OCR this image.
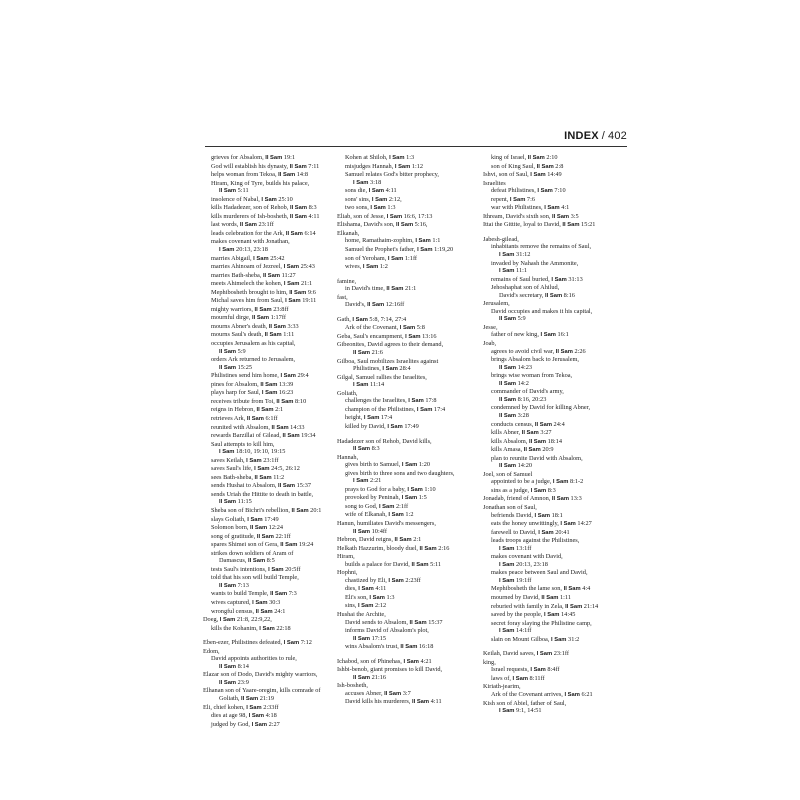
INDEX / 402
grieves for Absalom, II Sam 19:1
God will establish his dynasty, II Sam 7:11
helps woman from Tekoa, II Sam 14:8
Hiram, King of Tyre, builds his palace,
II Sam 5:11
insolence of Nabal, I Sam 25:10
kills Hadadezer, son of Rehob, II Sam 8:3
kills murderers of Ish-bosheth, II Sam 4:11
last words, II Sam 23:1ff
leads celebration for the Ark, II Sam 6:14
makes covenant with Jonathan,
I Sam 20:13, 23:18
marries Abigail, I Sam 25:42
marries Ahinoam of Jezreel, I Sam 25:43
marries Bath-sheba, II Sam 11:27
meets Ahimelech the kohen, I Sam 21:1
Mephibosheth brought to him, II Sam 9:6
Michal saves him from Saul, I Sam 19:11
mighty warriors, II Sam 23:8ff
mournful dirge, II Sam 1:17ff
mourns Abner's death, II Sam 3:33
mourns Saul's death, II Sam 1:11
occupies Jerusalem as his capital,
II Sam 5:9
orders Ark returned to Jerusalem,
II Sam 15:25
Philistines send him home, I Sam 29:4
pines for Absalom, II Sam 13:39
plays harp for Saul, I Sam 16:23
receives tribute from Toi, II Sam 8:10
reigns in Hebron, II Sam 2:1
retrieves Ark, II Sam 6:1ff
reunited with Absalom, II Sam 14:33
rewards Barzillai of Gilead, II Sam 19:34
Saul attempts to kill him,
I Sam 18:10, 19:10, 19:15
saves Keilah, I Sam 23:1ff
saves Saul's life, I Sam 24:5, 26:12
sees Bath-sheba, II Sam 11:2
sends Hushai to Absalom, II Sam 15:37
sends Uriah the Hittite to death in battle,
II Sam 11:15
Sheba son of Bichri's rebellion, II Sam 20:1
slays Goliath, I Sam 17:49
Solomon born, II Sam 12:24
song of gratitude, II Sam 22:1ff
spares Shimei son of Gera, II Sam 19:24
strikes down soldiers of Aram of
Damascus, II Sam 8:5
tests Saul's intentions, I Sam 20:5ff
told that his son will build Temple,
II Sam 7:13
wants to build Temple, II Sam 7:3
wives captured, I Sam 30:3
wrongful census, II Sam 24:1
Doeg, I Sam 21:8, 22:9,22,
kills the Kohanim, I Sam 22:18
Eben-ezer, Philistines defeated, I Sam 7:12
Edom,
David appoints authorities to rule,
II Sam 8:14
Elazar son of Dodo, David's mighty warriors,
II Sam 23:9
Elhanan son of Yaare-oregim, kills comrade of
Goliath, II Sam 21:19
Eli, chief kohen, I Sam 2:33ff
dies at age 98, I Sam 4:18
judged by God, I Sam 2:27
Kohen at Shiloh, I Sam 1:3
misjudges Hannah, I Sam 1:12
Samuel relates God's bitter prophecy,
I Sam 3:18
sons die, I Sam 4:11
sons' sins, I Sam 2:12,
two sons, I Sam 1:3
Eliab, son of Jesse, I Sam 16:6, 17:13
Elishama, David's son, II Sam 5:16,
Elkanah,
home, Ramathaim-zophim, I Sam 1:1
Samuel the Prophet's father, I Sam 1:19,20
son of Yeroham, I Sam 1:1ff
wives, I Sam 1:2
famine,
in David's time, II Sam 21:1
fast,
David's, II Sam 12:16ff
Gath, I Sam 5:8, 7:14, 27:4
Ark of the Covenant, I Sam 5:8
Geba, Saul's encampment, I Sam 13:16
Gibeonites, David agrees to their demand,
II Sam 21:6
Gilboa, Saul mobilizes Israelites against
Philistines, I Sam 28:4
Gilgal, Samuel rallies the Israelites,
I Sam 11:14
Goliath,
challenges the Israelites, I Sam 17:8
champion of the Philistines, I Sam 17:4
height, I Sam 17:4
killed by David, I Sam 17:49
Hadadezer son of Rehob, David kills,
II Sam 8:3
Hannah,
gives birth to Samuel, I Sam 1:20
gives birth to three sons and two daughters,
I Sam 2:21
prays to God for a baby, I Sam 1:10
provoked by Peninah, I Sam 1:5
song to God, I Sam 2:1ff
wife of Elkanah, I Sam 1:2
Hanun, humiliates David's messengers,
II Sam 10:4ff
Hebron, David reigns, II Sam 2:1
Helkath Hazzurim, bloody duel, II Sam 2:16
Hiram,
builds a palace for David, II Sam 5:11
Hophni,
chastized by Eli, I Sam 2:23ff
dies, I Sam 4:11
Eli's son, I Sam 1:3
sins, I Sam 2:12
Hushai the Archite,
David sends to Absalom, II Sam 15:37
informs David of Absalom's plot,
II Sam 17:15
wins Absalom's trust, II Sam 16:18
Ichabod, son of Phinehas, I Sam 4:21
Ishbi-benob, giant promises to kill David,
II Sam 21:16
Ish-bosheth,
accuses Abner, II Sam 3:7
David kills his murderers, II Sam 4:11
king of Israel, II Sam 2:10
son of King Saul, II Sam 2:8
Ishvi, son of Saul, I Sam 14:49
Israelites
defeat Philistines, I Sam 7:10
repent, I Sam 7:6
war with Philistines, I Sam 4:1
Ithream, David's sixth son, II Sam 3:5
Ittai the Gittite, loyal to David, II Sam 15:21
Jabesh-gilead,
inhabitants remove the remains of Saul,
I Sam 31:12
invaded by Nahash the Ammonite,
I Sam 11:1
remains of Saul buried, I Sam 31:13
Jehoshaphat son of Ahilud,
David's secretary, II Sam 8:16
Jerusalem,
David occupies and makes it his capital,
II Sam 5:9
Jesse,
father of new king, I Sam 16:1
Joab,
agrees to avoid civil war, II Sam 2:26
brings Absalom back to Jerusalem,
II Sam 14:23
brings wise woman from Tekoa,
II Sam 14:2
commander of David's army,
II Sam 8:16, 20:23
condemned by David for killing Abner,
II Sam 3:28
conducts census, II Sam 24:4
kills Abner, II Sam 3:27
kills Absalom, II Sam 18:14
kills Amasa, II Sam 20:9
plan to reunite David with Absalom,
II Sam 14:20
Joel, son of Samuel
appointed to be a judge, I Sam 8:1-2
sins as a judge, I Sam 8:3
Jonadab, friend of Amnon, II Sam 13:3
Jonathan son of Saul,
befriends David, I Sam 18:1
eats the honey unwittingly, I Sam 14:27
farewell to David, I Sam 20:41
leads troops against the Philistines,
I Sam 13:1ff
makes covenant with David,
I Sam 20:13, 23:18
makes peace between Saul and David,
I Sam 19:1ff
Mephibosheth the lame son, II Sam 4:4
mourned by David, II Sam 1:11
reburied with family in Zela, II Sam 21:14
saved by the people, I Sam 14:45
secret foray slaying the Philistine camp,
I Sam 14:1ff
slain on Mount Gilboa, I Sam 31:2
Keilah, David saves, I Sam 23:1ff
king,
Israel requests, I Sam 8:4ff
laws of, I Sam 8:11ff
Kiriath-jearim,
Ark of the Covenant arrives, I Sam 6:21
Kish son of Abiel, father of Saul,
I Sam 9:1, 14:51
